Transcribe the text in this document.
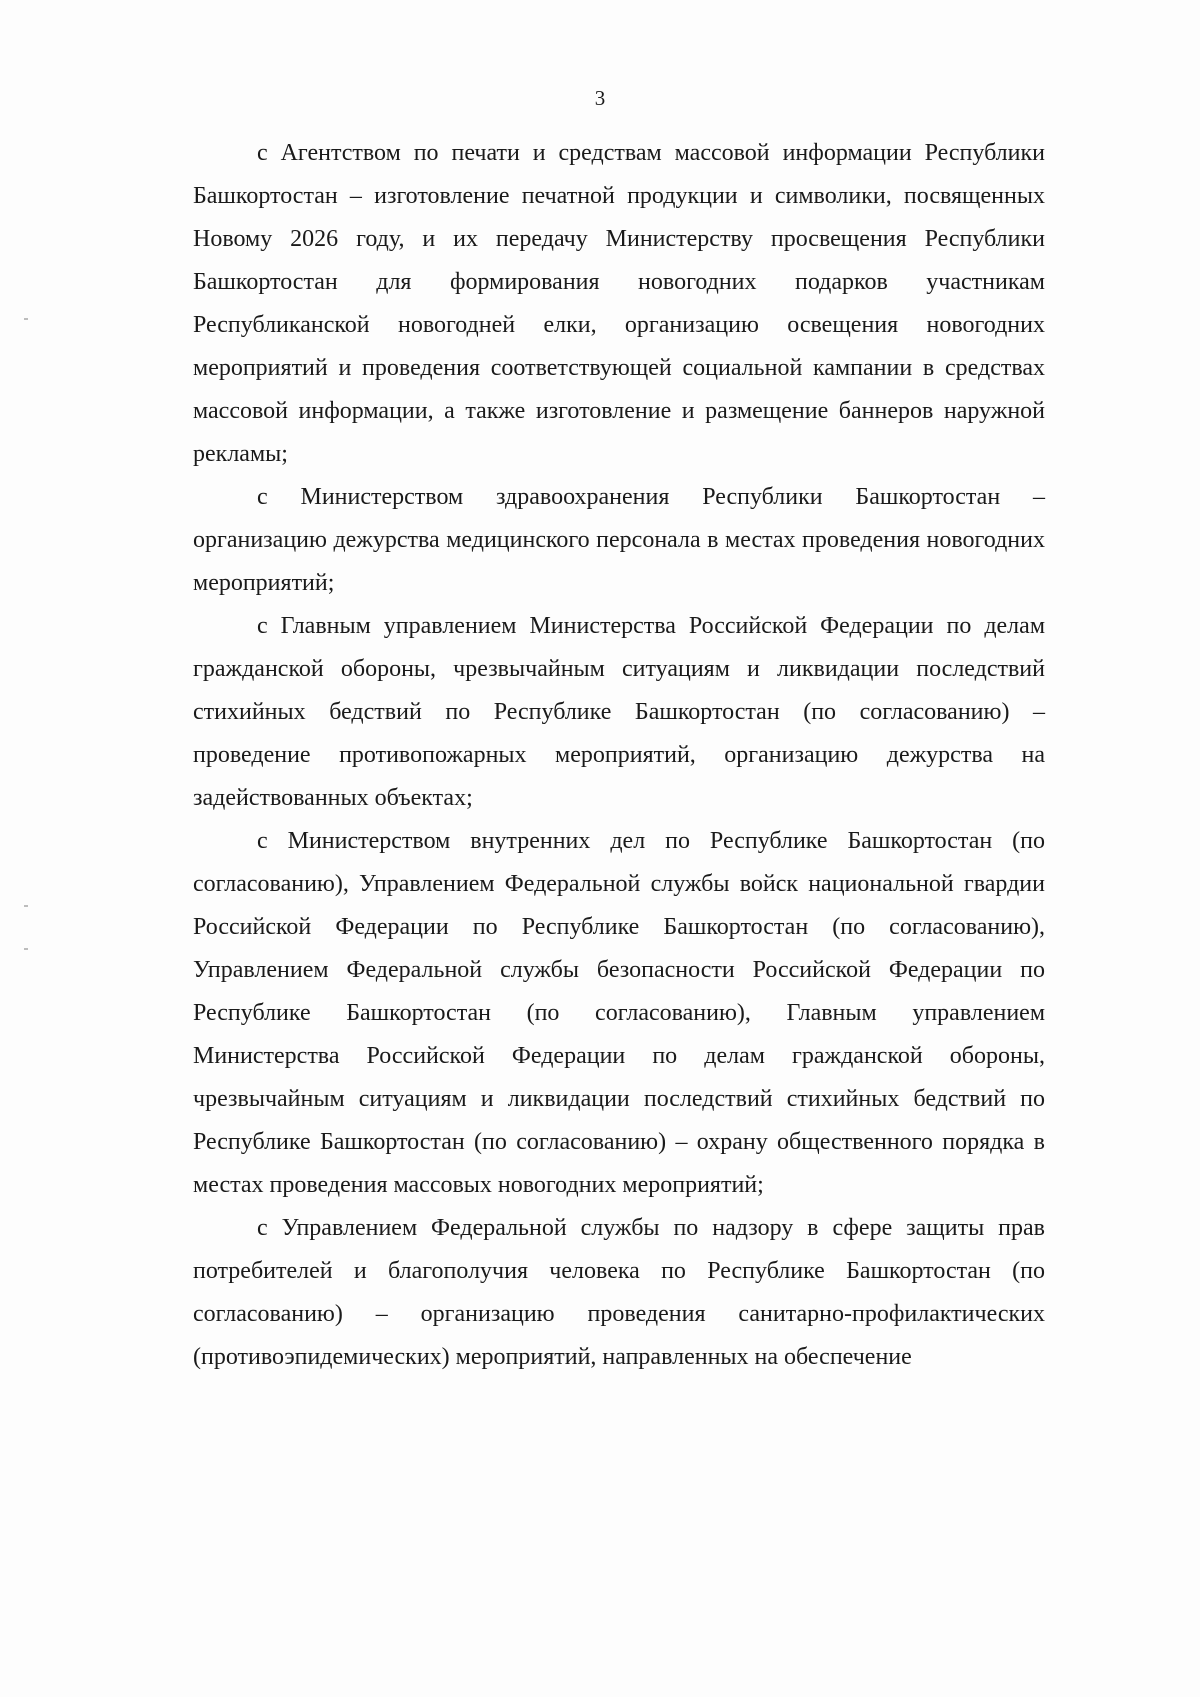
3

с Агентством по печати и средствам массовой информации Республики Башкортостан – изготовление печатной продукции и символики, посвященных Новому 2026 году, и их передачу Министерству просвещения Республики Башкортостан для формирования новогодних подарков участникам Республиканской новогодней елки, организацию освещения новогодних мероприятий и проведения соответствующей социальной кампании в средствах массовой информации, а также изготовление и размещение баннеров наружной рекламы;

с Министерством здравоохранения Республики Башкортостан – организацию дежурства медицинского персонала в местах проведения новогодних мероприятий;

с Главным управлением Министерства Российской Федерации по делам гражданской обороны, чрезвычайным ситуациям и ликвидации последствий стихийных бедствий по Республике Башкортостан (по согласованию) – проведение противопожарных мероприятий, организацию дежурства на задействованных объектах;

с Министерством внутренних дел по Республике Башкортостан (по согласованию), Управлением Федеральной службы войск национальной гвардии Российской Федерации по Республике Башкортостан (по согласованию), Управлением Федеральной службы безопасности Российской Федерации по Республике Башкортостан (по согласованию), Главным управлением Министерства Российской Федерации по делам гражданской обороны, чрезвычайным ситуациям и ликвидации последствий стихийных бедствий по Республике Башкортостан (по согласованию) – охрану общественного порядка в местах проведения массовых новогодних мероприятий;

с Управлением Федеральной службы по надзору в сфере защиты прав потребителей и благополучия человека по Республике Башкортостан (по согласованию) – организацию проведения санитарно-профилактических (противоэпидемических) мероприятий, направленных на обеспечение
